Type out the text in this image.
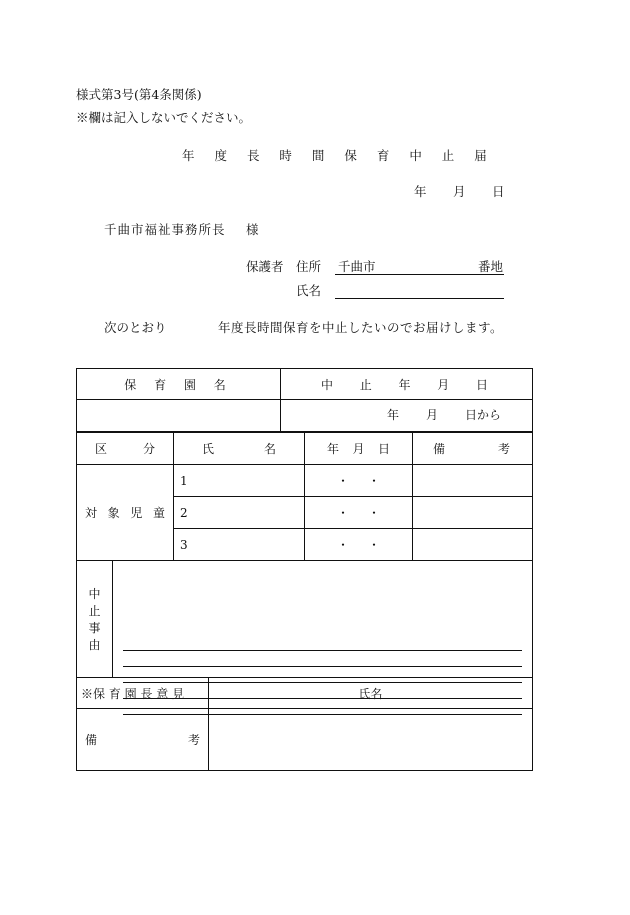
様式第3号(第4条関係)
※欄は記入しないでください。
年 度 長 時 間 保 育 中 止 届
年 月 日
千曲市福祉事務所長 様
保護者 住所 千曲市	番地
氏名
次のとおり	年度長時間保育を中止したいのでお届けします。
保 育 園 名	中 止 年 月 日

	年 月 日から
区 分	氏 名	年 月 日	備 考

対 象 児 童	1	・ ・	

	2	・ ・	

	3	・ ・	

中
止
事
由

※保 育 園 長 意 見	氏名

備 考	
